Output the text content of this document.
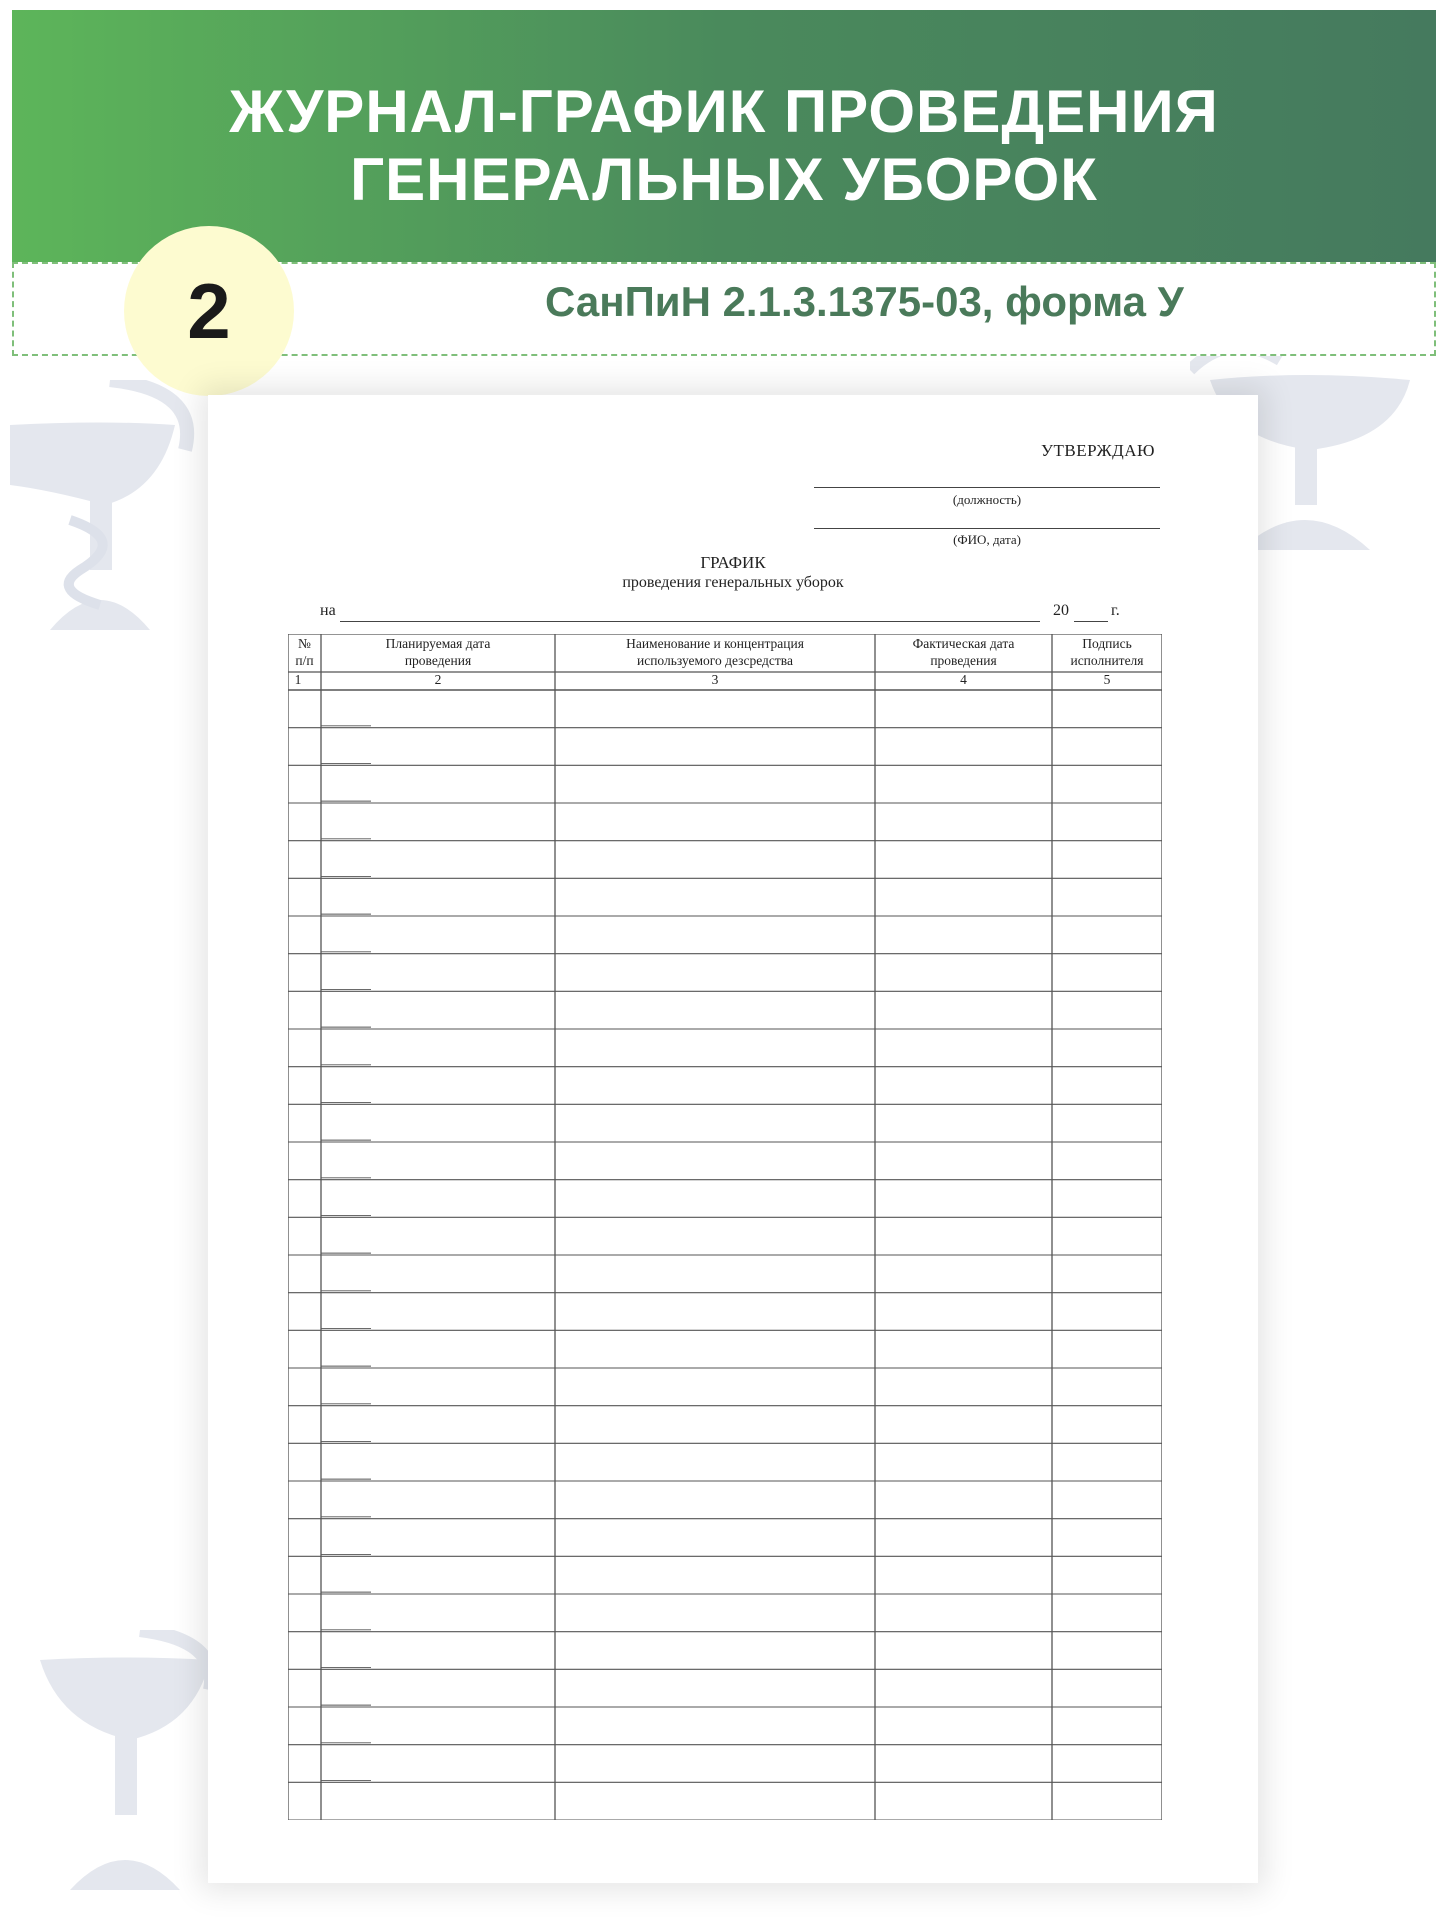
ЖУРНАЛ-ГРАФИК ПРОВЕДЕНИЯ
ГЕНЕРАЛЬНЫХ УБОРОК
СанПиН 2.1.3.1375-03, форма У
2
УТВЕРЖДАЮ
(должность)
(ФИО, дата)
ГРАФИК
проведения генеральных уборок
на	20	г.
№
п/п
1
Планируемая дата
проведения
2
Наименование и концентрация
используемого дезсредства
3
Фактическая дата
проведения
4
Подпись
исполнителя
5
